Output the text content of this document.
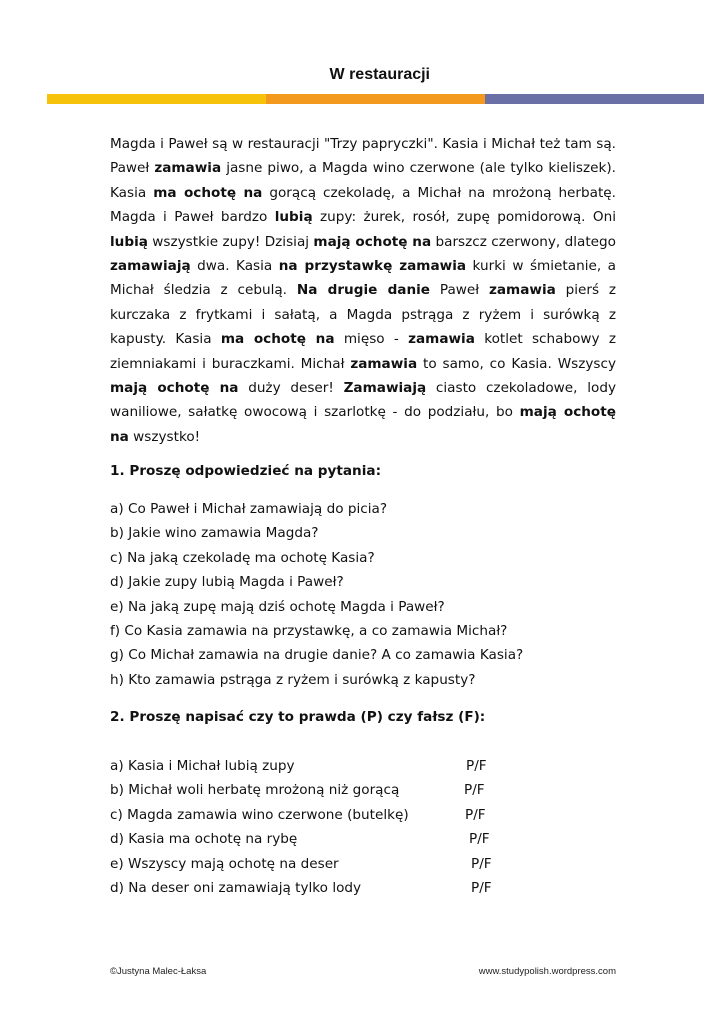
W restauracji
Magda i Paweł są w restauracji "Trzy papryczki". Kasia i Michał też tam są. Paweł zamawia jasne piwo, a Magda wino czerwone (ale tylko kieliszek). Kasia ma ochotę na gorącą czekoladę, a Michał na mrożoną herbatę. Magda i Paweł bardzo lubią zupy: żurek, rosół, zupę pomidorową. Oni lubią wszystkie zupy! Dzisiaj mają ochotę na barszcz czerwony, dlatego zamawiają dwa. Kasia na przystawkę zamawia kurki w śmietanie, a Michał śledzia z cebulą. Na drugie danie Paweł zamawia pierś z kurczaka z frytkami i sałatą, a Magda pstrąga z ryżem i surówką z kapusty. Kasia ma ochotę na mięso - zamawia kotlet schabowy z ziemniakami i buraczkami. Michał zamawia to samo, co Kasia. Wszyscy mają ochotę na duży deser! Zamawiają ciasto czekoladowe, lody waniliowe, sałatkę owocową i szarlotkę - do podziału, bo mają ochotę na wszystko!
1. Proszę odpowiedzieć na pytania:
a) Co Paweł i Michał zamawiają do picia?
b) Jakie wino zamawia Magda?
c) Na jaką czekoladę ma ochotę Kasia?
d) Jakie zupy lubią Magda i Paweł?
e) Na jaką zupę mają dziś ochotę Magda i Paweł?
f) Co Kasia zamawia na przystawkę, a co zamawia Michał?
g) Co Michał zamawia na drugie danie? A co zamawia Kasia?
h) Kto zamawia pstrąga z ryżem i surówką z kapusty?
2. Proszę napisać czy to prawda (P) czy fałsz (F):
a) Kasia i Michał lubią zupy	P/F
b) Michał woli herbatę mrożoną niż gorącą	P/F
c) Magda zamawia wino czerwone (butelkę)	P/F
d) Kasia ma ochotę na rybę	P/F
e) Wszyscy mają ochotę na deser	P/F
d) Na deser oni zamawiają tylko lody	P/F
©Justyna Malec-Łaksa	www.studypolish.wordpress.com
